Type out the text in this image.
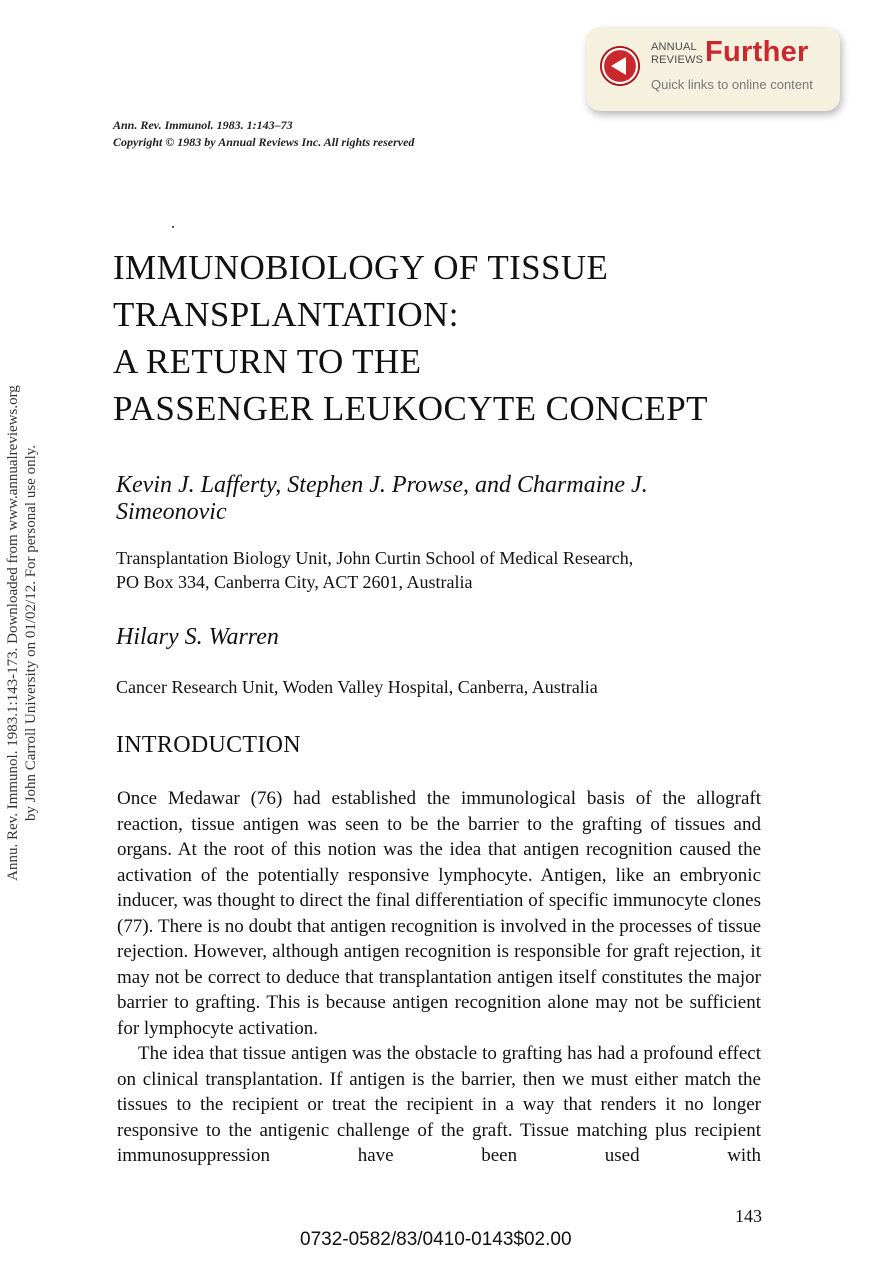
Annu. Rev. Immunol. 1983.1:143-173. Downloaded from www.annualreviews.org by John Carroll University on 01/02/12. For personal use only.
ANNUAL
REVIEWS Further
Quick links to online content
Ann. Rev. Immunol. 1983. 1:143–73
Copyright © 1983 by Annual Reviews Inc. All rights reserved
IMMUNOBIOLOGY OF TISSUE
TRANSPLANTATION:
A RETURN TO THE
PASSENGER LEUKOCYTE CONCEPT
Kevin J. Lafferty, Stephen J. Prowse, and Charmaine J.
Simeonovic
Transplantation Biology Unit, John Curtin School of Medical Research,
PO Box 334, Canberra City, ACT 2601, Australia
Hilary S. Warren
Cancer Research Unit, Woden Valley Hospital, Canberra, Australia
INTRODUCTION

Once Medawar (76) had established the immunological basis of the allograft reaction, tissue antigen was seen to be the barrier to the grafting of tissues and organs. At the root of this notion was the idea that antigen recognition caused the activation of the potentially responsive lymphocyte. Antigen, like an embryonic inducer, was thought to direct the final differentiation of specific immunocyte clones (77). There is no doubt that antigen recognition is involved in the processes of tissue rejection. However, although antigen recognition is responsible for graft rejection, it may not be correct to deduce that transplantation antigen itself constitutes the major barrier to grafting. This is because antigen recognition alone may not be sufficient for lymphocyte activation.

The idea that tissue antigen was the obstacle to grafting has had a profound effect on clinical transplantation. If antigen is the barrier, then we must either match the tissues to the recipient or treat the recipient in a way that renders it no longer responsive to the antigenic challenge of the graft. Tissue matching plus recipient immunosuppression have been used with

143
0732-0582/83/0410-0143$02.00
